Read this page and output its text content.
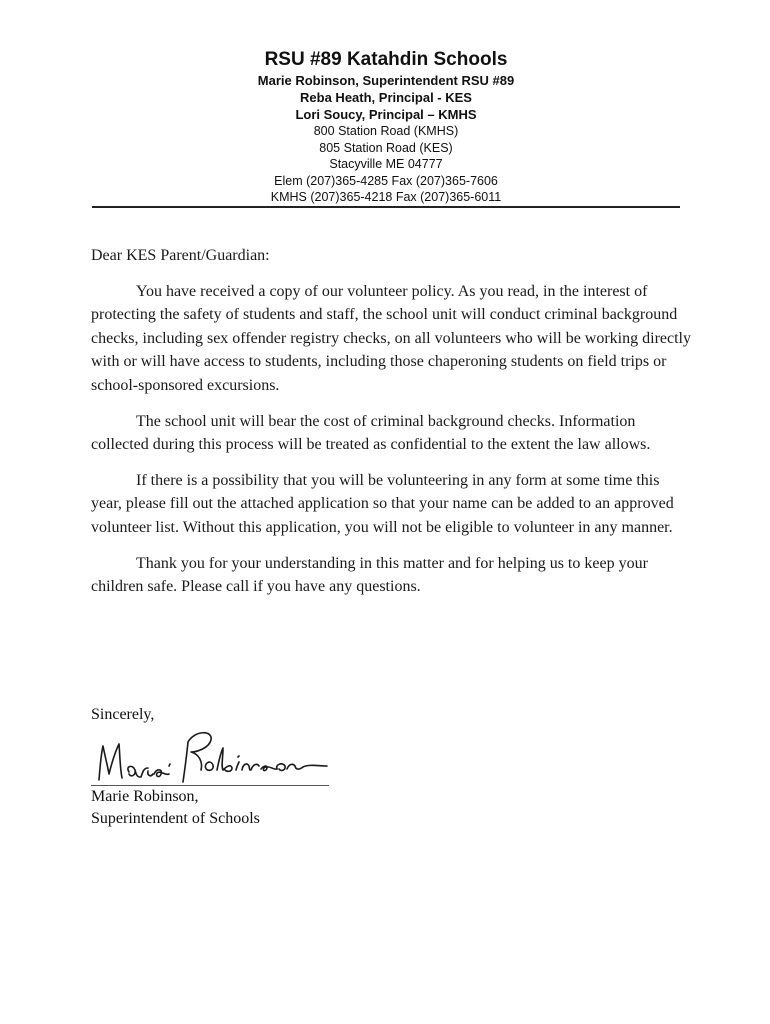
RSU #89 Katahdin Schools
Marie Robinson, Superintendent RSU #89
Reba Heath, Principal - KES
Lori Soucy, Principal – KMHS
800 Station Road (KMHS)
805 Station Road (KES)
Stacyville ME 04777
Elem (207)365-4285 Fax (207)365-7606
KMHS (207)365-4218 Fax (207)365-6011

Dear KES Parent/Guardian:

You have received a copy of our volunteer policy. As you read, in the interest of protecting the safety of students and staff, the school unit will conduct criminal background checks, including sex offender registry checks, on all volunteers who will be working directly with or will have access to students, including those chaperoning students on field trips or school-sponsored excursions.

The school unit will bear the cost of criminal background checks. Information collected during this process will be treated as confidential to the extent the law allows.

If there is a possibility that you will be volunteering in any form at some time this year, please fill out the attached application so that your name can be added to an approved volunteer list. Without this application, you will not be eligible to volunteer in any manner.

Thank you for your understanding in this matter and for helping us to keep your children safe. Please call if you have any questions.

Sincerely,
Marie Robinson,
Superintendent of Schools
